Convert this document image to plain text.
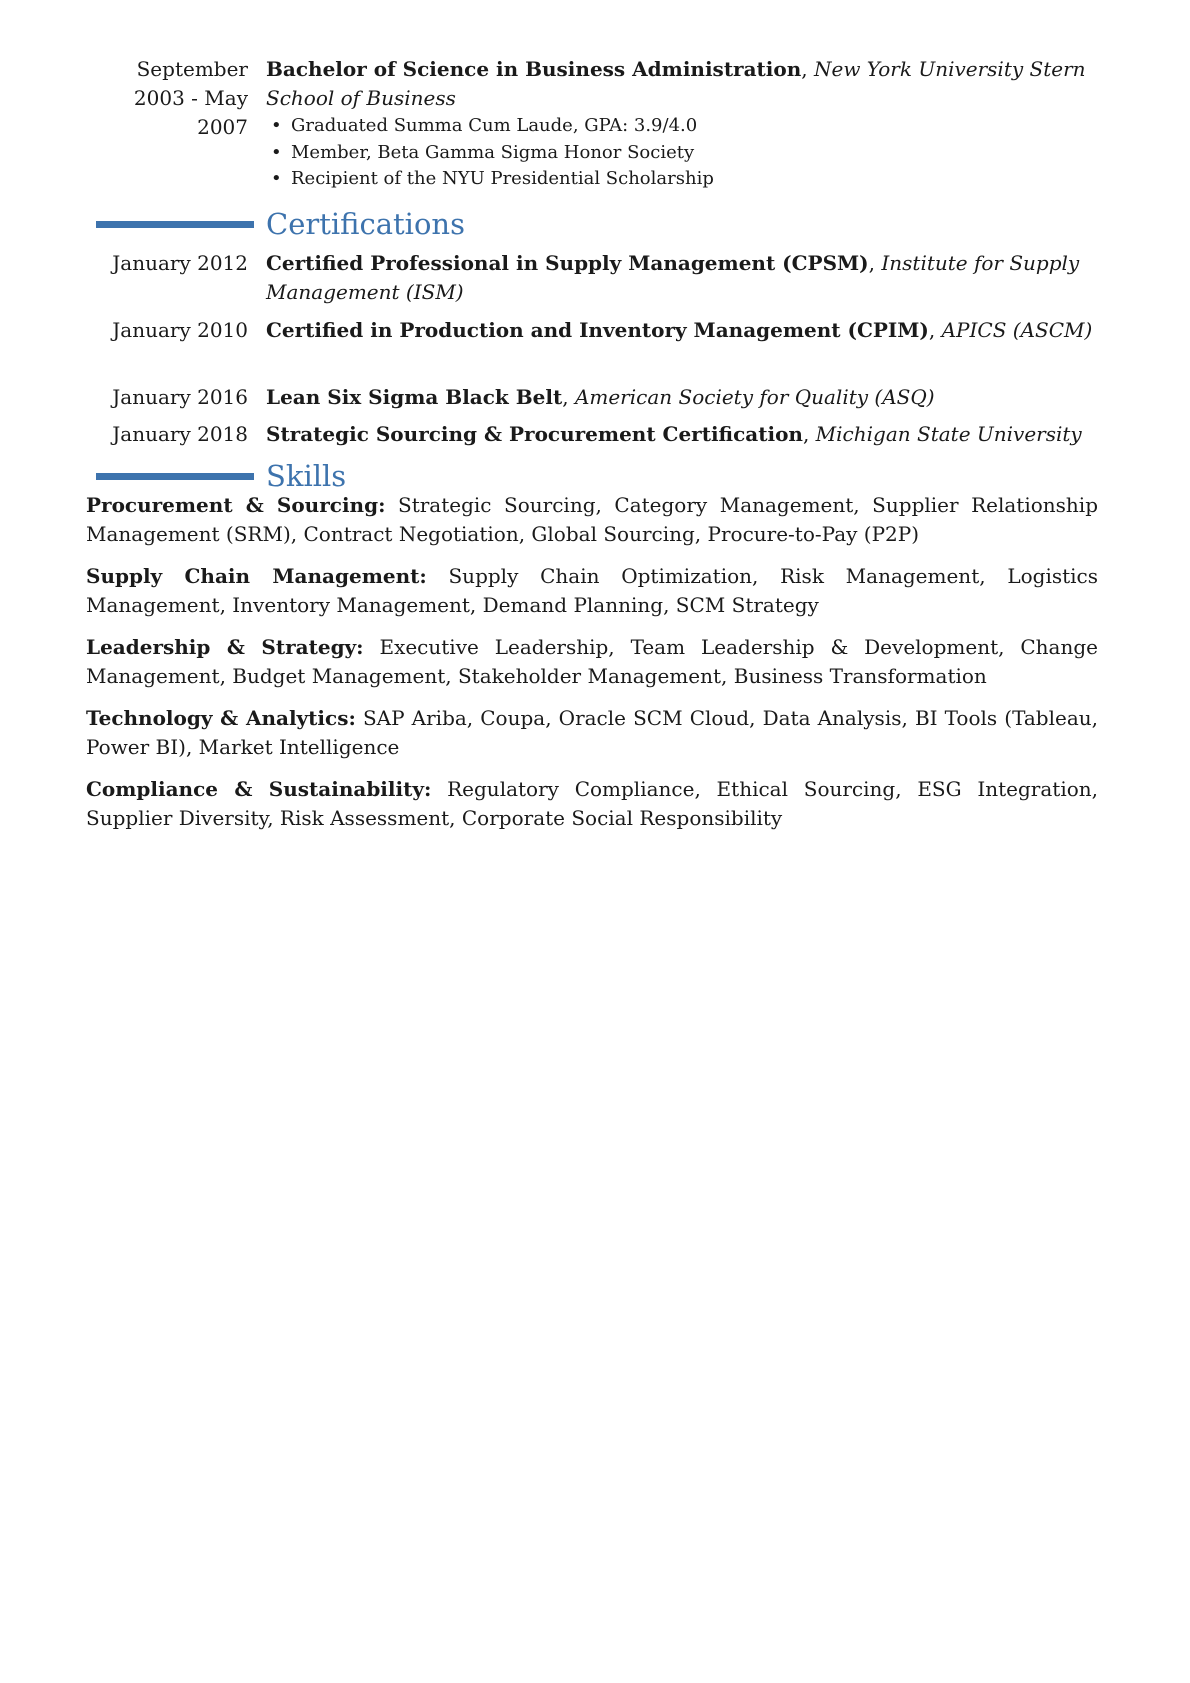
September 2003 - May 2007
Bachelor of Science in Business Administration, New York University Stern School of Business
• Graduated Summa Cum Laude, GPA: 3.9/4.0
• Member, Beta Gamma Sigma Honor Society
• Recipient of the NYU Presidential Scholarship
Certifications
January 2012 Certified Professional in Supply Management (CPSM), Institute for Supply Management (ISM)
January 2010 Certified in Production and Inventory Management (CPIM), APICS (ASCM)
January 2016 Lean Six Sigma Black Belt, American Society for Quality (ASQ)
January 2018 Strategic Sourcing & Procurement Certification, Michigan State University
Skills
Procurement & Sourcing: Strategic Sourcing, Category Management, Supplier Relationship Management (SRM), Contract Negotiation, Global Sourcing, Procure-to-Pay (P2P)
Supply Chain Management: Supply Chain Optimization, Risk Management, Logistics Management, Inventory Management, Demand Planning, SCM Strategy
Leadership & Strategy: Executive Leadership, Team Leadership & Development, Change Management, Budget Management, Stakeholder Management, Business Transformation
Technology & Analytics: SAP Ariba, Coupa, Oracle SCM Cloud, Data Analysis, BI Tools (Tableau, Power BI), Market Intelligence
Compliance & Sustainability: Regulatory Compliance, Ethical Sourcing, ESG Integration, Supplier Diversity, Risk Assessment, Corporate Social Responsibility
